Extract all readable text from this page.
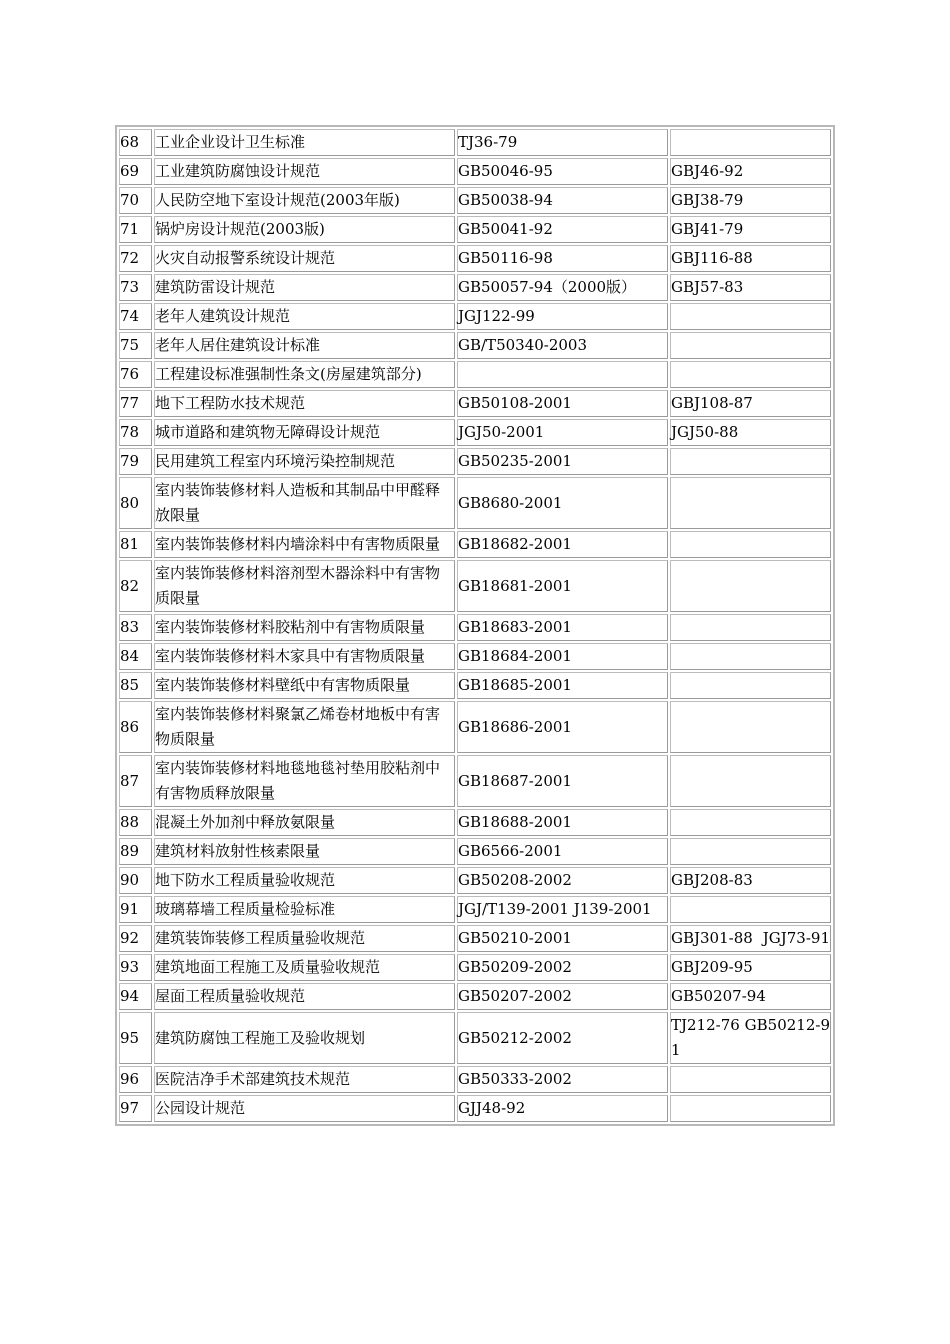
68	工业企业设计卫生标准	TJ36-79	
69	工业建筑防腐蚀设计规范	GB50046-95	GBJ46-92
70	人民防空地下室设计规范(2003年版)	GB50038-94	GBJ38-79
71	锅炉房设计规范(2003版)	GB50041-92	GBJ41-79
72	火灾自动报警系统设计规范	GB50116-98	GBJ116-88
73	建筑防雷设计规范	GB50057-94（2000版）	GBJ57-83
74	老年人建筑设计规范	JGJ122-99	
75	老年人居住建筑设计标准	GB/T50340-2003	
76	工程建设标准强制性条文(房屋建筑部分)		
77	地下工程防水技术规范	GB50108-2001	GBJ108-87
78	城市道路和建筑物无障碍设计规范	JGJ50-2001	JGJ50-88
79	民用建筑工程室内环境污染控制规范	GB50235-2001	
80	室内装饰装修材料人造板和其制品中甲醛释放限量	GB8680-2001	
81	室内装饰装修材料内墙涂料中有害物质限量	GB18682-2001	
82	室内装饰装修材料溶剂型木器涂料中有害物质限量	GB18681-2001	
83	室内装饰装修材料胶粘剂中有害物质限量	GB18683-2001	
84	室内装饰装修材料木家具中有害物质限量	GB18684-2001	
85	室内装饰装修材料壁纸中有害物质限量	GB18685-2001	
86	室内装饰装修材料聚氯乙烯卷材地板中有害物质限量	GB18686-2001	
87	室内装饰装修材料地毯地毯衬垫用胶粘剂中有害物质释放限量	GB18687-2001	
88	混凝土外加剂中释放氨限量	GB18688-2001	
89	建筑材料放射性核素限量	GB6566-2001	
90	地下防水工程质量验收规范	GB50208-2002	GBJ208-83
91	玻璃幕墙工程质量检验标准	JGJ/T139-2001 J139-2001	
92	建筑装饰装修工程质量验收规范	GB50210-2001	GBJ301-88 JGJ73-91
93	建筑地面工程施工及质量验收规范	GB50209-2002	GBJ209-95
94	屋面工程质量验收规范	GB50207-2002	GB50207-94
95	建筑防腐蚀工程施工及验收规划	GB50212-2002	TJ212-76 GB50212-91
96	医院洁净手术部建筑技术规范	GB50333-2002	
97	公园设计规范	GJJ48-92	
